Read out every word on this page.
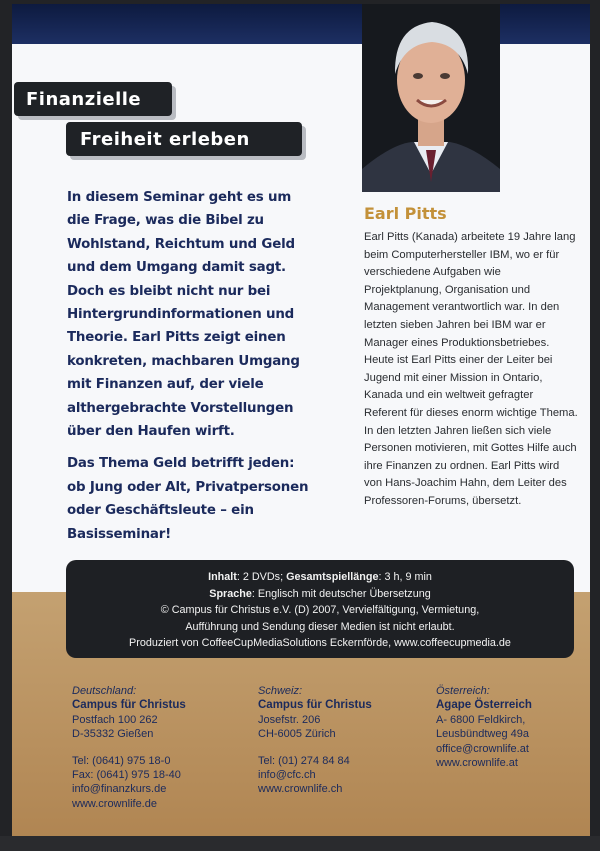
Finanzielle
Freiheit erleben

In diesem Seminar geht es um die Frage, was die Bibel zu Wohlstand, Reichtum und Geld und dem Umgang damit sagt. Doch es bleibt nicht nur bei Hintergrundinformationen und Theorie. Earl Pitts zeigt einen konkreten, machbaren Umgang mit Finanzen auf, der viele althergebrachte Vorstellungen über den Haufen wirft.

Das Thema Geld betrifft jeden: ob Jung oder Alt, Privatpersonen oder Geschäftsleute – ein Basisseminar!

Earl Pitts
Earl Pitts (Kanada) arbeitete 19 Jahre lang beim Computerhersteller IBM, wo er für verschiedene Aufgaben wie Projektplanung, Organisation und Management verantwortlich war. In den letzten sieben Jahren bei IBM war er Manager eines Produktionsbetriebes. Heute ist Earl Pitts einer der Leiter bei Jugend mit einer Mission in Ontario, Kanada und ein weltweit gefragter Referent für dieses enorm wichtige Thema. In den letzten Jahren ließen sich viele Personen motivieren, mit Gottes Hilfe auch ihre Finanzen zu ordnen. Earl Pitts wird von Hans-Joachim Hahn, dem Leiter des Professoren-Forums, übersetzt.
Inhalt: 2 DVDs; Gesamtspiellänge: 3 h, 9 min
Sprache: Englisch mit deutscher Übersetzung
© Campus für Christus e.V. (D) 2007, Vervielfältigung, Vermietung,
Aufführung und Sendung dieser Medien ist nicht erlaubt.
Produziert von CoffeeCupMediaSolutions Eckernförde, www.coffeecupmedia.de
Deutschland:
Campus für Christus
Postfach 100 262
D-35332 Gießen
Tel: (0641) 975 18-0
Fax: (0641) 975 18-40
info@finanzkurs.de
www.crownlife.de
Schweiz:
Campus für Christus
Josefstr. 206
CH-6005 Zürich
Tel: (01) 274 84 84
info@cfc.ch
www.crownlife.ch
Österreich:
Agape Österreich
A- 6800 Feldkirch,
Leusbündtweg 49a
office@crownlife.at
www.crownlife.at
